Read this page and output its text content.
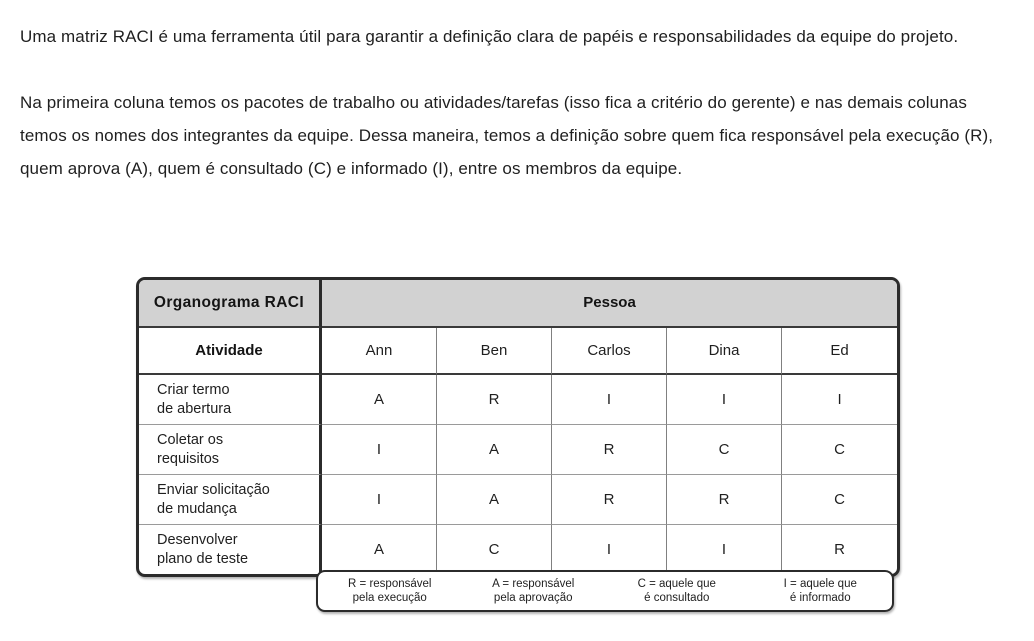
Uma matriz RACI é uma ferramenta útil para garantir a definição clara de papéis e responsabilidades da equipe do projeto.

Na primeira coluna temos os pacotes de trabalho ou atividades/tarefas (isso fica a critério do gerente) e nas demais colunas temos os nomes dos integrantes da equipe. Dessa maneira, temos a definição sobre quem fica responsável pela execução (R), quem aprova (A), quem é consultado (C) e informado (I), entre os membros da equipe.

Organograma RACI	Pessoa				
Atividade	Ann	Ben	Carlos	Dina	Ed
Criar termo
de abertura	A	R	I	I	I
Coletar os
requisitos	I	A	R	C	C
Enviar solicitação
de mudança	I	A	R	R	C
Desenvolver
plano de teste	A	C	I	I	R
R = responsável
pela execução
A = responsável
pela aprovação
C = aquele que
é consultado
I = aquele que
é informado
